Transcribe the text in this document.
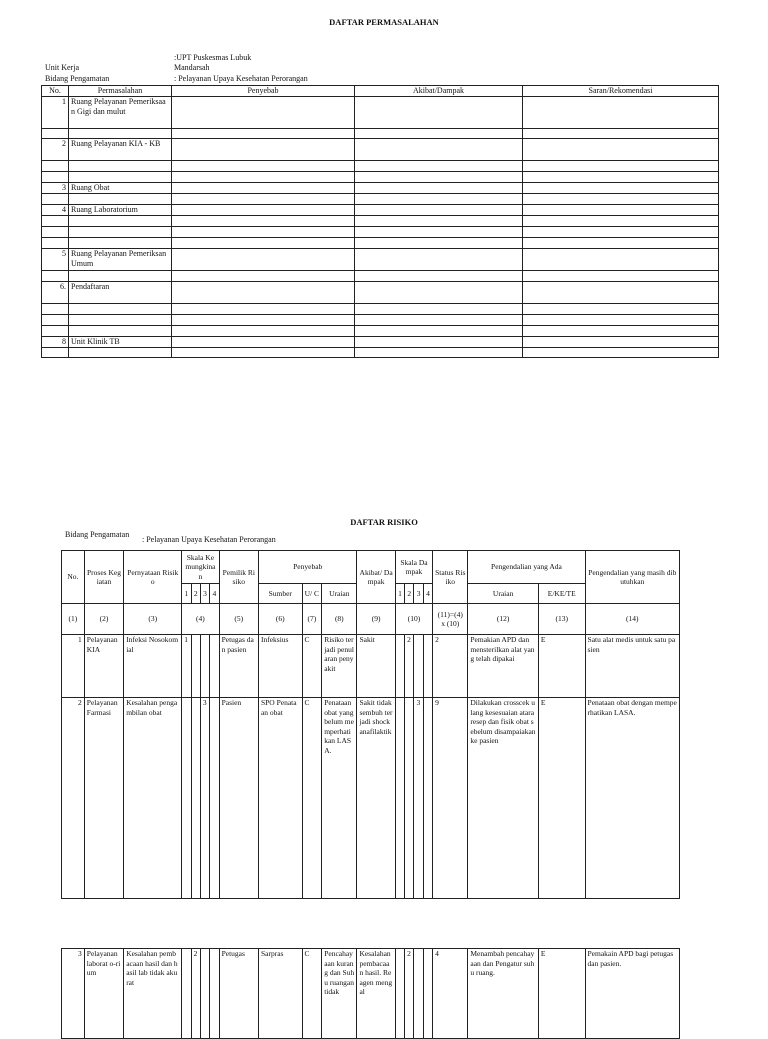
DAFTAR PERMASALAHAN
:UPT Puskesmas Lubuk
Mandarsah
Unit Kerja
Bidang Pengamatan	: Pelayanan Upaya Kesehatan Perorangan
No.	Permasalahan	Penyebab	Akibat/Dampak	Saran/Rekomendasi
1	Ruang Pelayanan Pemeriksaan Gigi dan mulut			

2	Ruang Pelayanan KIA - KB			

3	Ruang Obat			

4	Ruang Laboratorium			

5	Ruang Pelayanan Pemeriksan Umum			

6.	Pendaftaran			

8	Unit Klinik TB			

DAFTAR RISIKO
Bidang Pengamatan
: Pelayanan Upaya Kesehatan Perorangan
No.	Proses Kegiatan	Pernyataan Risiko	Skala Kemungkinan				Pemilik Risiko	Penyebab			Akibat/ Dampak	Skala Dampak				Status Risiko	Pengendalian yang Ada		Pengendalian yang masih dibutuhkan
			1	2	3	4		Sumber	U/ C	Uraian		1	2	3	4		Uraian	E/KE/TE	
(1)	(2)	(3)	(4)				(5)	(6)	(7)	(8)	(9)	(10)				(11)=(4) x (10)	(12)	(13)	(14)
1	Pelayanan KIA	Infeksi Nosokomial	1				Petugas dan pasien	Infeksius	C	Risiko terjadi penularan penyakit	Sakit		2			2	Pemakian APD dan mensterilkan alat yang telah dipakai	E	Satu alat medis untuk satu pasien
2	Pelayanan Farmasi	Kesalahan pengambilan obat			3		Pasien	SPO Penataan obat	C	Penataan obat yang belum memperhatikan LASA.	Sakit tidak sembuh terjadi shock anafilaktik			3		9	Dilakukan crosscek ulang kesesuaian atara resep dan fisik obat sebelum disampaiakan ke pasien	E	Penataan obat dengan memperhatikan LASA.
3	Pelayanan laborat o-rium	Kesalahan pembacaan hasil dan hasil lab tidak akurat		2			Petugas	Sarpras	C	Pencahayaan kurang dan Suhu ruangan tidak	Kesalahan pembacaan hasil. Reagen mengal		2			4	Menambah pencahayaan dan Pengatur suhu ruang.	E	Pemakain APD bagi petugas dan pasien.
